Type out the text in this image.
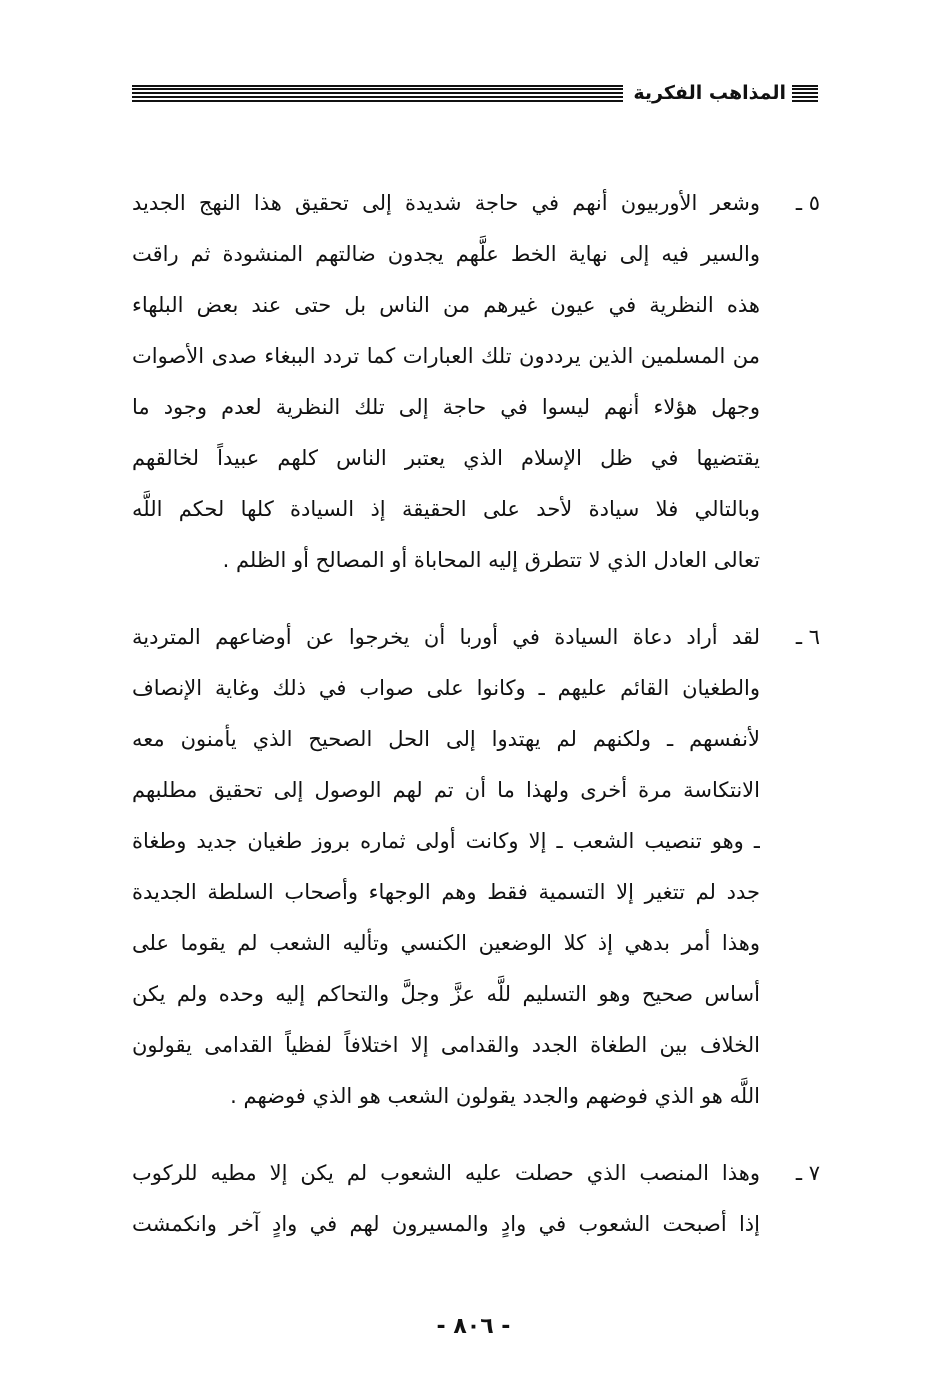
المذاهب الفكرية
٥ ـ
وشعر الأوربيون أنهم في حاجة شديدة إلى تحقيق هذا النهج الجديد
والسير فيه إلى نهاية الخط علَّهم يجدون ضالتهم المنشودة ثم راقت
هذه النظرية في عيون غيرهم من الناس بل حتى عند بعض البلهاء
من المسلمين الذين يرددون تلك العبارات كما تردد الببغاء صدى الأصوات
وجهل هؤلاء أنهم ليسوا في حاجة إلى تلك النظرية لعدم وجود ما
يقتضيها في ظل الإسلام الذي يعتبر الناس كلهم عبيداً لخالقهم
وبالتالي فلا سيادة لأحد على الحقيقة إذ السيادة كلها لحكم اللَّه
تعالى العادل الذي لا تتطرق إليه المحاباة أو المصالح أو الظلم .
٦ ـ
لقد أراد دعاة السيادة في أوربا أن يخرجوا عن أوضاعهم المتردية
والطغيان القائم عليهم ـ وكانوا على صواب في ذلك وغاية الإنصاف
لأنفسهم ـ ولكنهم لم يهتدوا إلى الحل الصحيح الذي يأمنون معه
الانتكاسة مرة أخرى ولهذا ما أن تم لهم الوصول إلى تحقيق مطلبهم
ـ وهو تنصيب الشعب ـ إلا وكانت أولى ثماره بروز طغيان جديد وطغاة
جدد لم تتغير إلا التسمية فقط وهم الوجهاء وأصحاب السلطة الجديدة
وهذا أمر بدهي إذ كلا الوضعين الكنسي وتأليه الشعب لم يقوما على
أساس صحيح وهو التسليم للَّه عزَّ وجلَّ والتحاكم إليه وحده ولم يكن
الخلاف بين الطغاة الجدد والقدامى إلا اختلافاً لفظياً القدامى يقولون
اللَّه هو الذي فوضهم والجدد يقولون الشعب هو الذي فوضهم .
٧ ـ
وهذا المنصب الذي حصلت عليه الشعوب لم يكن إلا مطيه للركوب
إذا أصبحت الشعوب في وادٍ والمسيرون لهم في وادٍ آخر وانكمشت
- ٨٠٦ -
